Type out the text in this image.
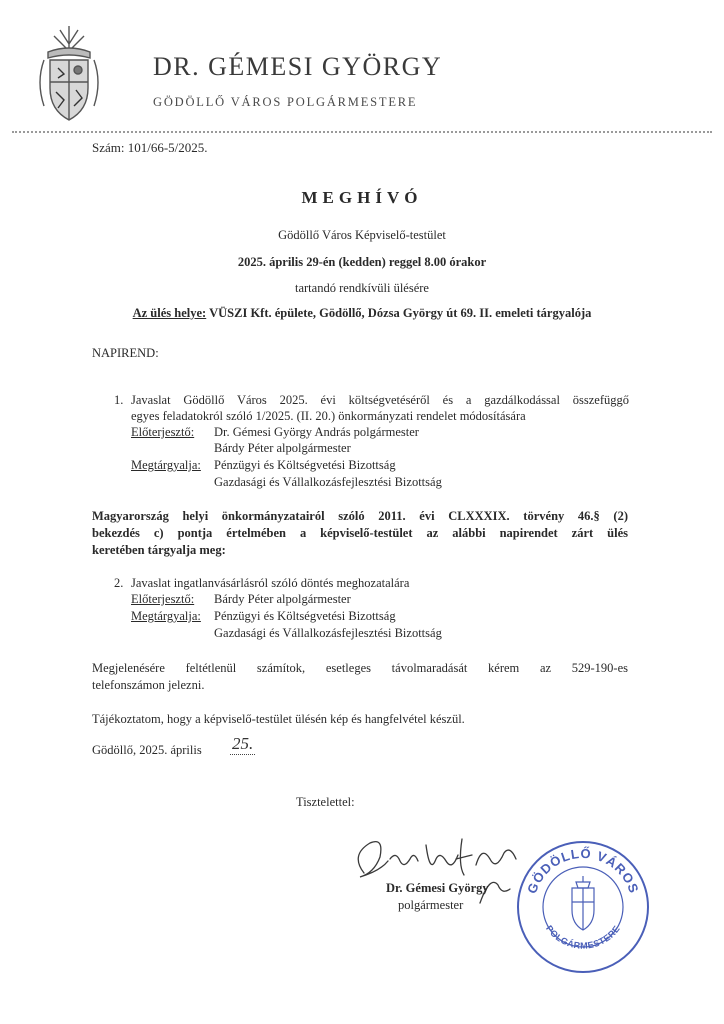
DR. GÉMESI GYÖRGY
GÖDÖLLŐ VÁROS POLGÁRMESTERE
Szám: 101/66-5/2025.
MEGHÍVÓ
Gödöllő Város Képviselő-testület
2025. április 29-én (kedden) reggel 8.00 órakor
tartandó rendkívüli ülésére
Az ülés helye: VÜSZI Kft. épülete, Gödöllő, Dózsa György út 69. II. emeleti tárgyalója
NAPIREND:
1. Javaslat Gödöllő Város 2025. évi költségvetéséről és a gazdálkodással összefüggő
egyes feladatokról szóló 1/2025. (II. 20.) önkormányzati rendelet módosítására
Előterjesztő: Dr. Gémesi György András polgármester
Bárdy Péter alpolgármester
Megtárgyalja: Pénzügyi és Költségvetési Bizottság
Gazdasági és Vállalkozásfejlesztési Bizottság
Magyarország helyi önkormányzatairól szóló 2011. évi CLXXXIX. törvény 46.§ (2)
bekezdés c) pontja értelmében a képviselő-testület az alábbi napirendet zárt ülés
keretében tárgyalja meg:
2. Javaslat ingatlanvásárlásról szóló döntés meghozatalára
Előterjesztő: Bárdy Péter alpolgármester
Megtárgyalja: Pénzügyi és Költségvetési Bizottság
Gazdasági és Vállalkozásfejlesztési Bizottság
Megjelenésére feltétlenül számítok, esetleges távolmaradását kérem az 529-190-es
telefonszámon jelezni.
Tájékoztatom, hogy a képviselő-testület ülésén kép és hangfelvétel készül.
Gödöllő, 2025. április 25.
Tisztelettel:
Dr. Gémesi György
polgármester
GÖDÖLLŐ VÁROS
POLGÁRMESTERE
